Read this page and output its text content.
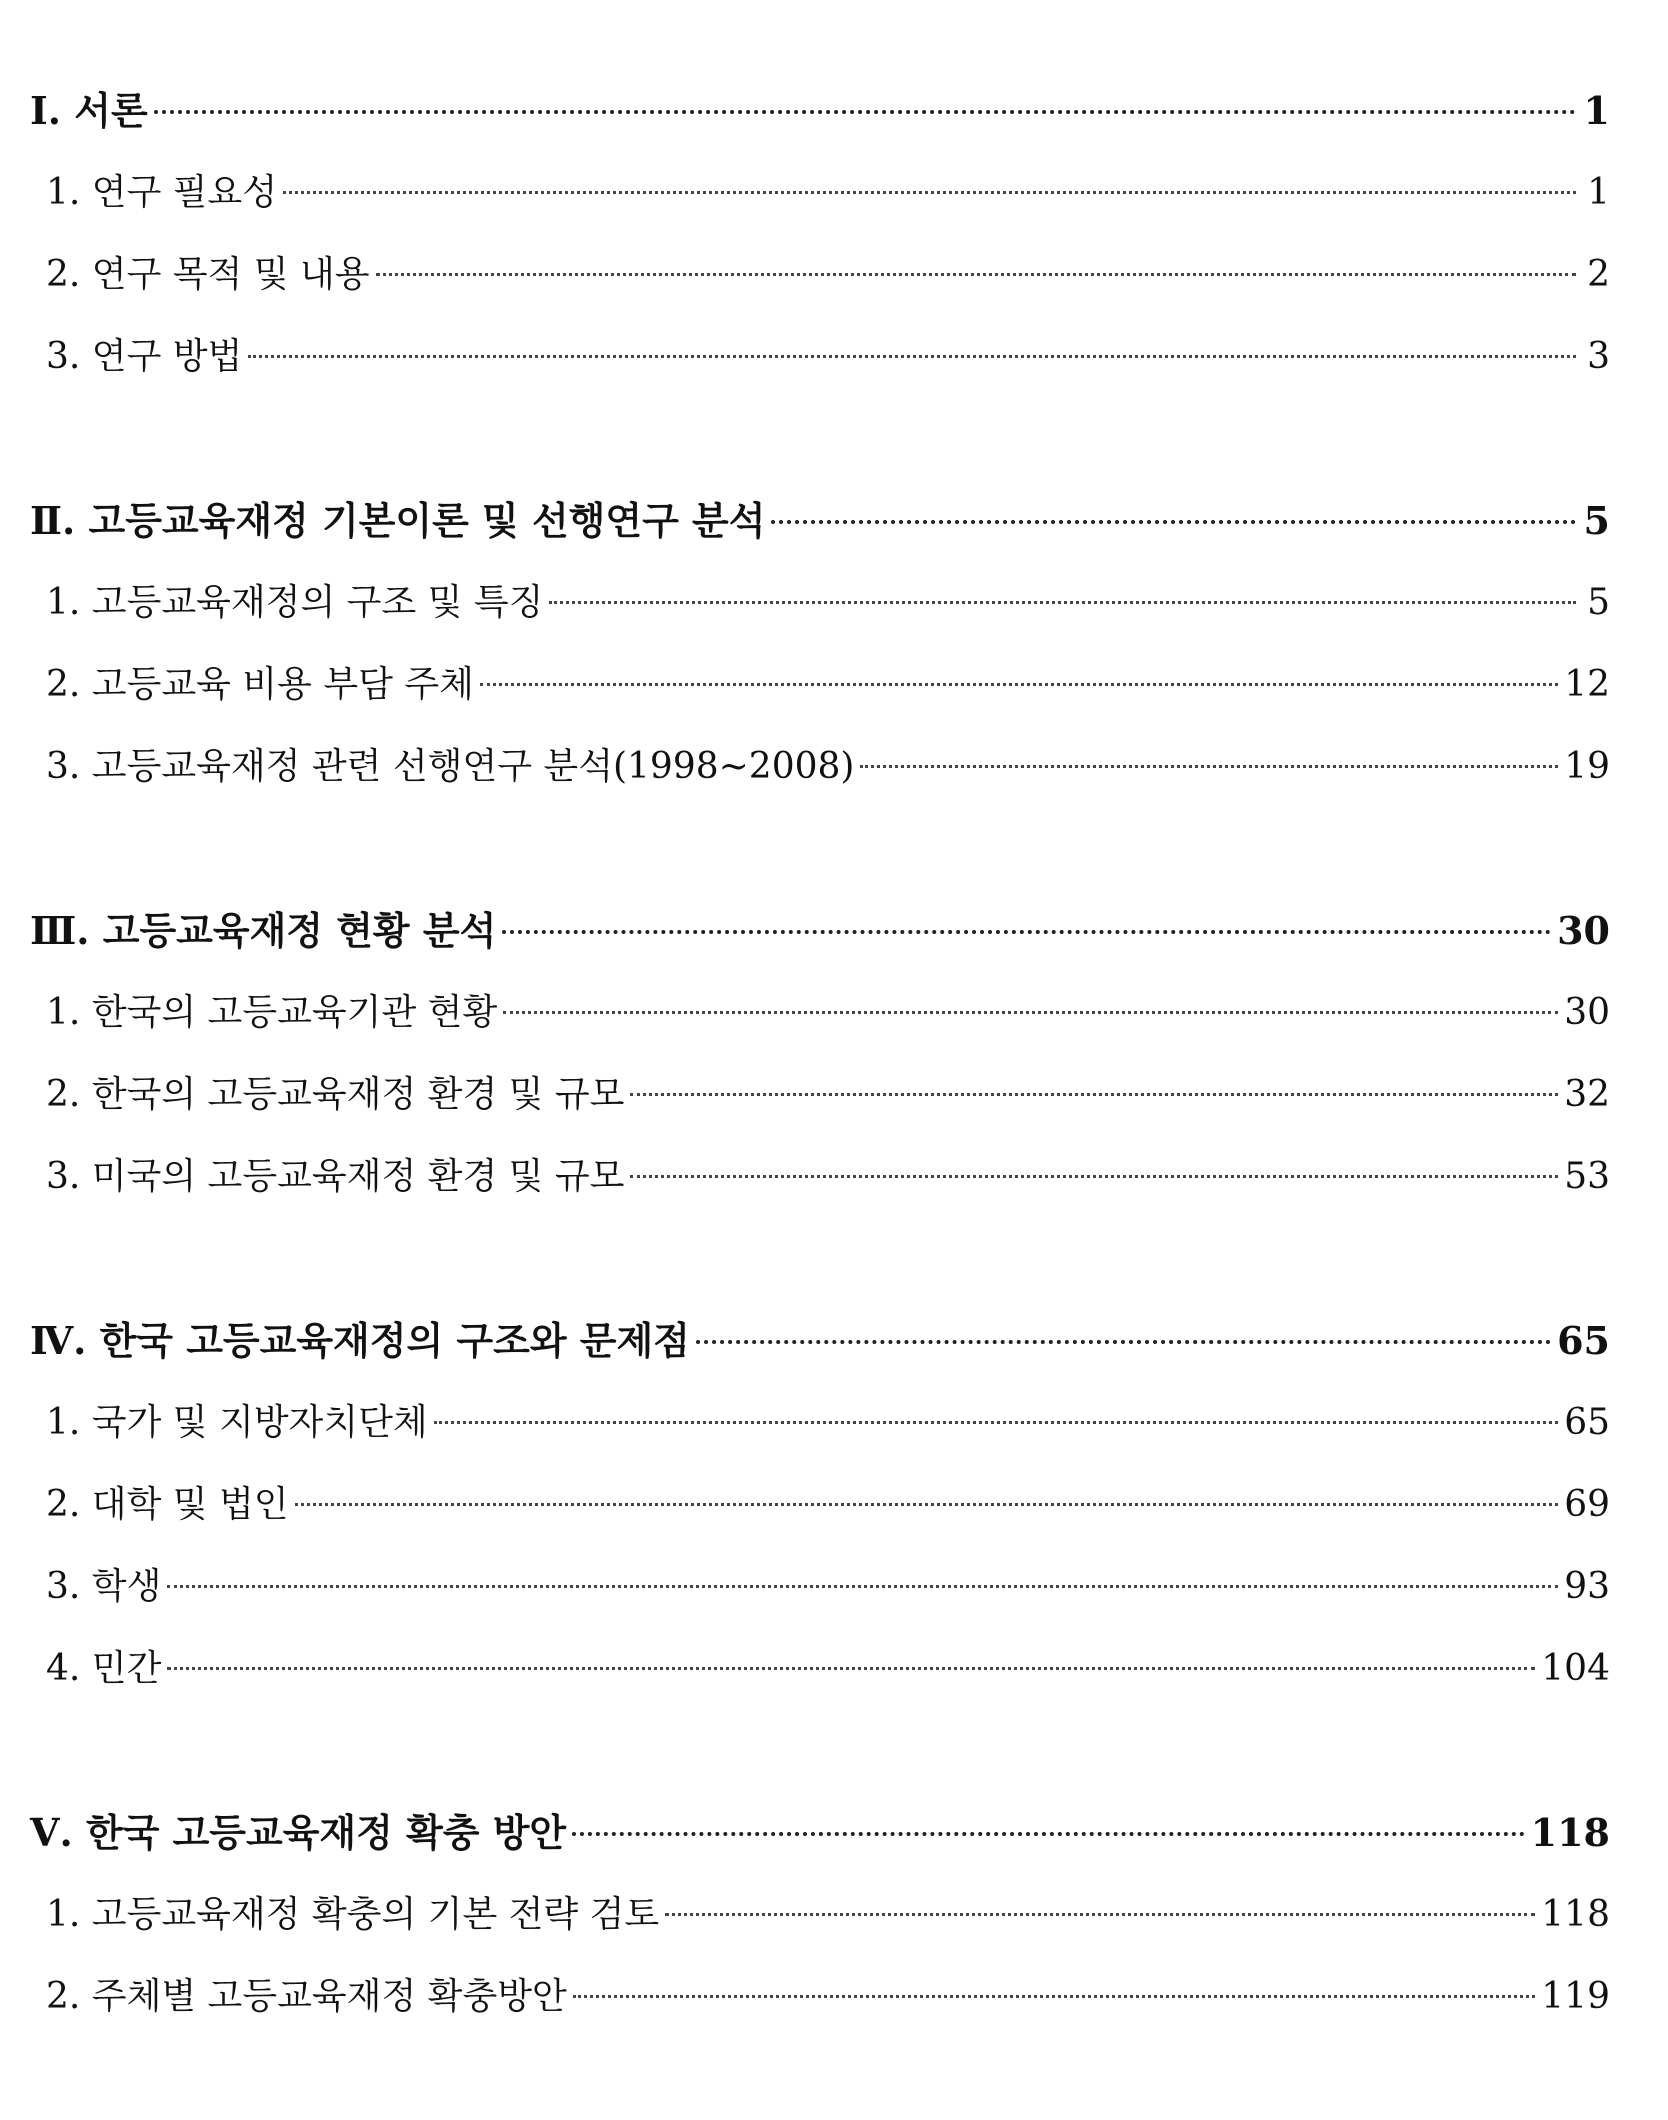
Ⅰ. 서론	1
1. 연구 필요성	1
2. 연구 목적 및 내용	2
3. 연구 방법	3
Ⅱ. 고등교육재정 기본이론 및 선행연구 분석	5
1. 고등교육재정의 구조 및 특징	5
2. 고등교육 비용 부담 주체	12
3. 고등교육재정 관련 선행연구 분석(1998~2008)	19
Ⅲ. 고등교육재정 현황 분석	30
1. 한국의 고등교육기관 현황	30
2. 한국의 고등교육재정 환경 및 규모	32
3. 미국의 고등교육재정 환경 및 규모	53
Ⅳ. 한국 고등교육재정의 구조와 문제점	65
1. 국가 및 지방자치단체	65
2. 대학 및 법인	69
3. 학생	93
4. 민간	104
Ⅴ. 한국 고등교육재정 확충 방안	118
1. 고등교육재정 확충의 기본 전략 검토	118
2. 주체별 고등교육재정 확충방안	119
